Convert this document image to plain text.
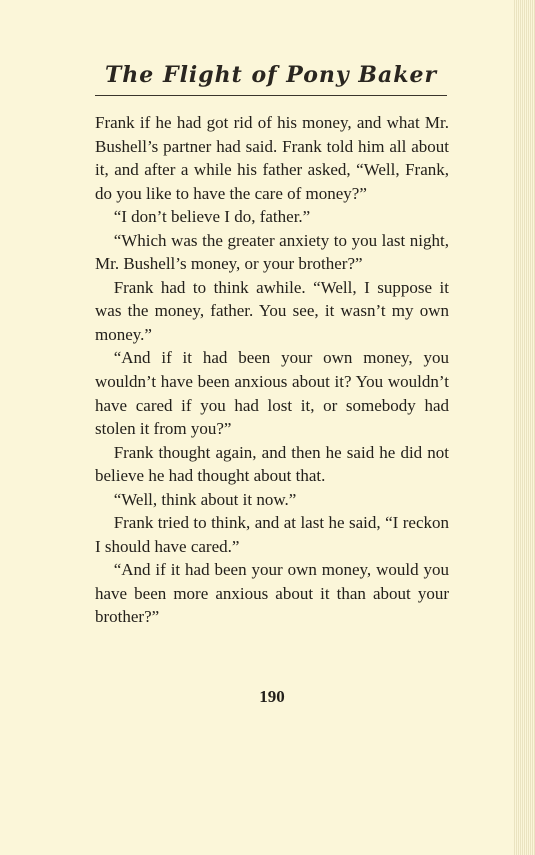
The Flight of Pony Baker

Frank if he had got rid of his money, and what Mr. Bushell’s partner had said. Frank told him all about it, and after a while his father asked, “Well, Frank, do you like to have the care of money?”

“I don’t believe I do, father.”

“Which was the greater anxiety to you last night, Mr. Bushell’s money, or your brother?”

Frank had to think awhile. “Well, I suppose it was the money, father. You see, it wasn’t my own money.”

“And if it had been your own money, you wouldn’t have been anxious about it? You wouldn’t have cared if you had lost it, or somebody had stolen it from you?”

Frank thought again, and then he said he did not believe he had thought about that.

“Well, think about it now.”

Frank tried to think, and at last he said, “I reckon I should have cared.”

“And if it had been your own money, would you have been more anxious about it than about your brother?”

190
